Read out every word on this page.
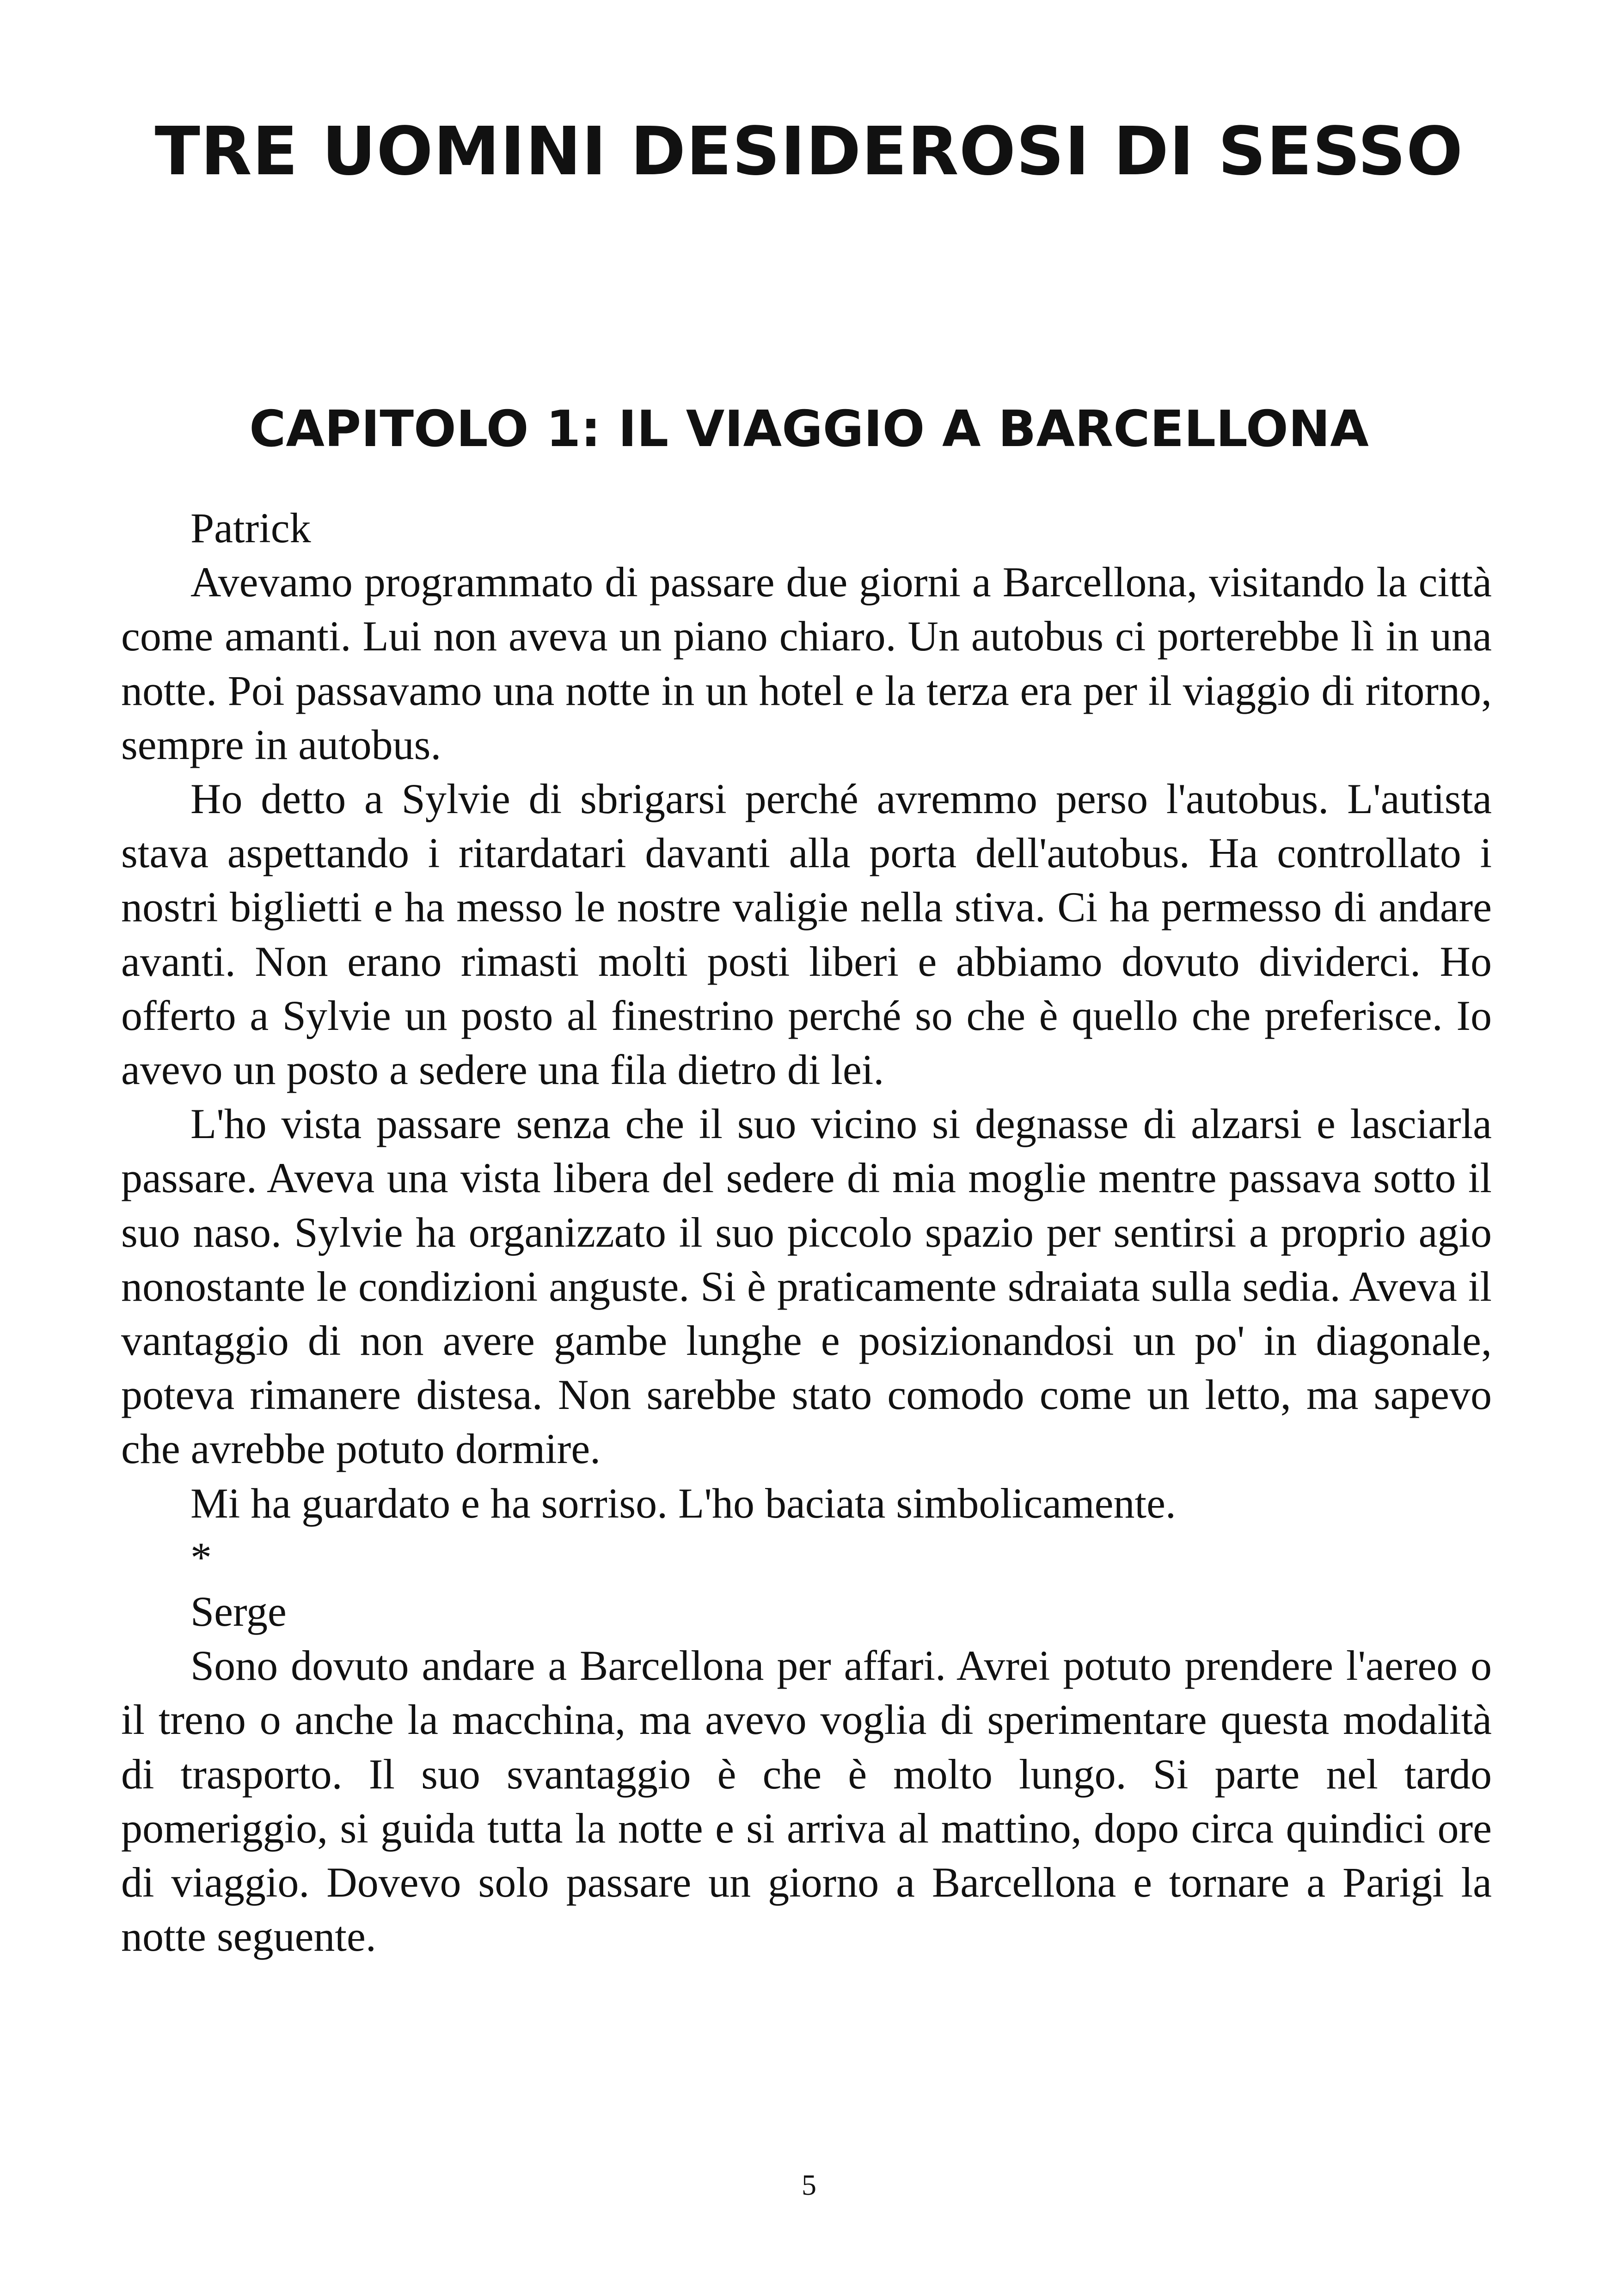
TRE UOMINI DESIDEROSI DI SESSO
CAPITOLO 1: IL VIAGGIO A BARCELLONA

Patrick

Avevamo programmato di passare due giorni a Barcellona, visitando la città come amanti. Lui non aveva un piano chiaro. Un autobus ci porterebbe lì in una notte. Poi passavamo una notte in un hotel e la terza era per il viaggio di ritorno, sempre in autobus.

Ho detto a Sylvie di sbrigarsi perché avremmo perso l'autobus. L'autista stava aspettando i ritardatari davanti alla porta dell'autobus. Ha controllato i nostri biglietti e ha messo le nostre valigie nella stiva. Ci ha permesso di andare avanti. Non erano rimasti molti posti liberi e abbiamo dovuto dividerci. Ho offerto a Sylvie un posto al finestrino perché so che è quello che preferisce. Io avevo un posto a sedere una fila dietro di lei.

L'ho vista passare senza che il suo vicino si degnasse di alzarsi e lasciarla passare. Aveva una vista libera del sedere di mia moglie mentre passava sotto il suo naso. Sylvie ha organizzato il suo piccolo spazio per sentirsi a proprio agio nonostante le condizioni anguste. Si è praticamente sdraiata sulla sedia. Aveva il vantaggio di non avere gambe lunghe e posizionandosi un po' in diagonale, poteva rimanere distesa. Non sarebbe stato comodo come un letto, ma sapevo che avrebbe potuto dormire.

Mi ha guardato e ha sorriso. L'ho baciata simbolicamente.

*

Serge

Sono dovuto andare a Barcellona per affari. Avrei potuto prendere l'aereo o il treno o anche la macchina, ma avevo voglia di sperimentare questa modalità di trasporto. Il suo svantaggio è che è molto lungo. Si parte nel tardo pomeriggio, si guida tutta la notte e si arriva al mattino, dopo circa quindici ore di viaggio. Dovevo solo passare un giorno a Barcellona e tornare a Parigi la notte seguente.

5
